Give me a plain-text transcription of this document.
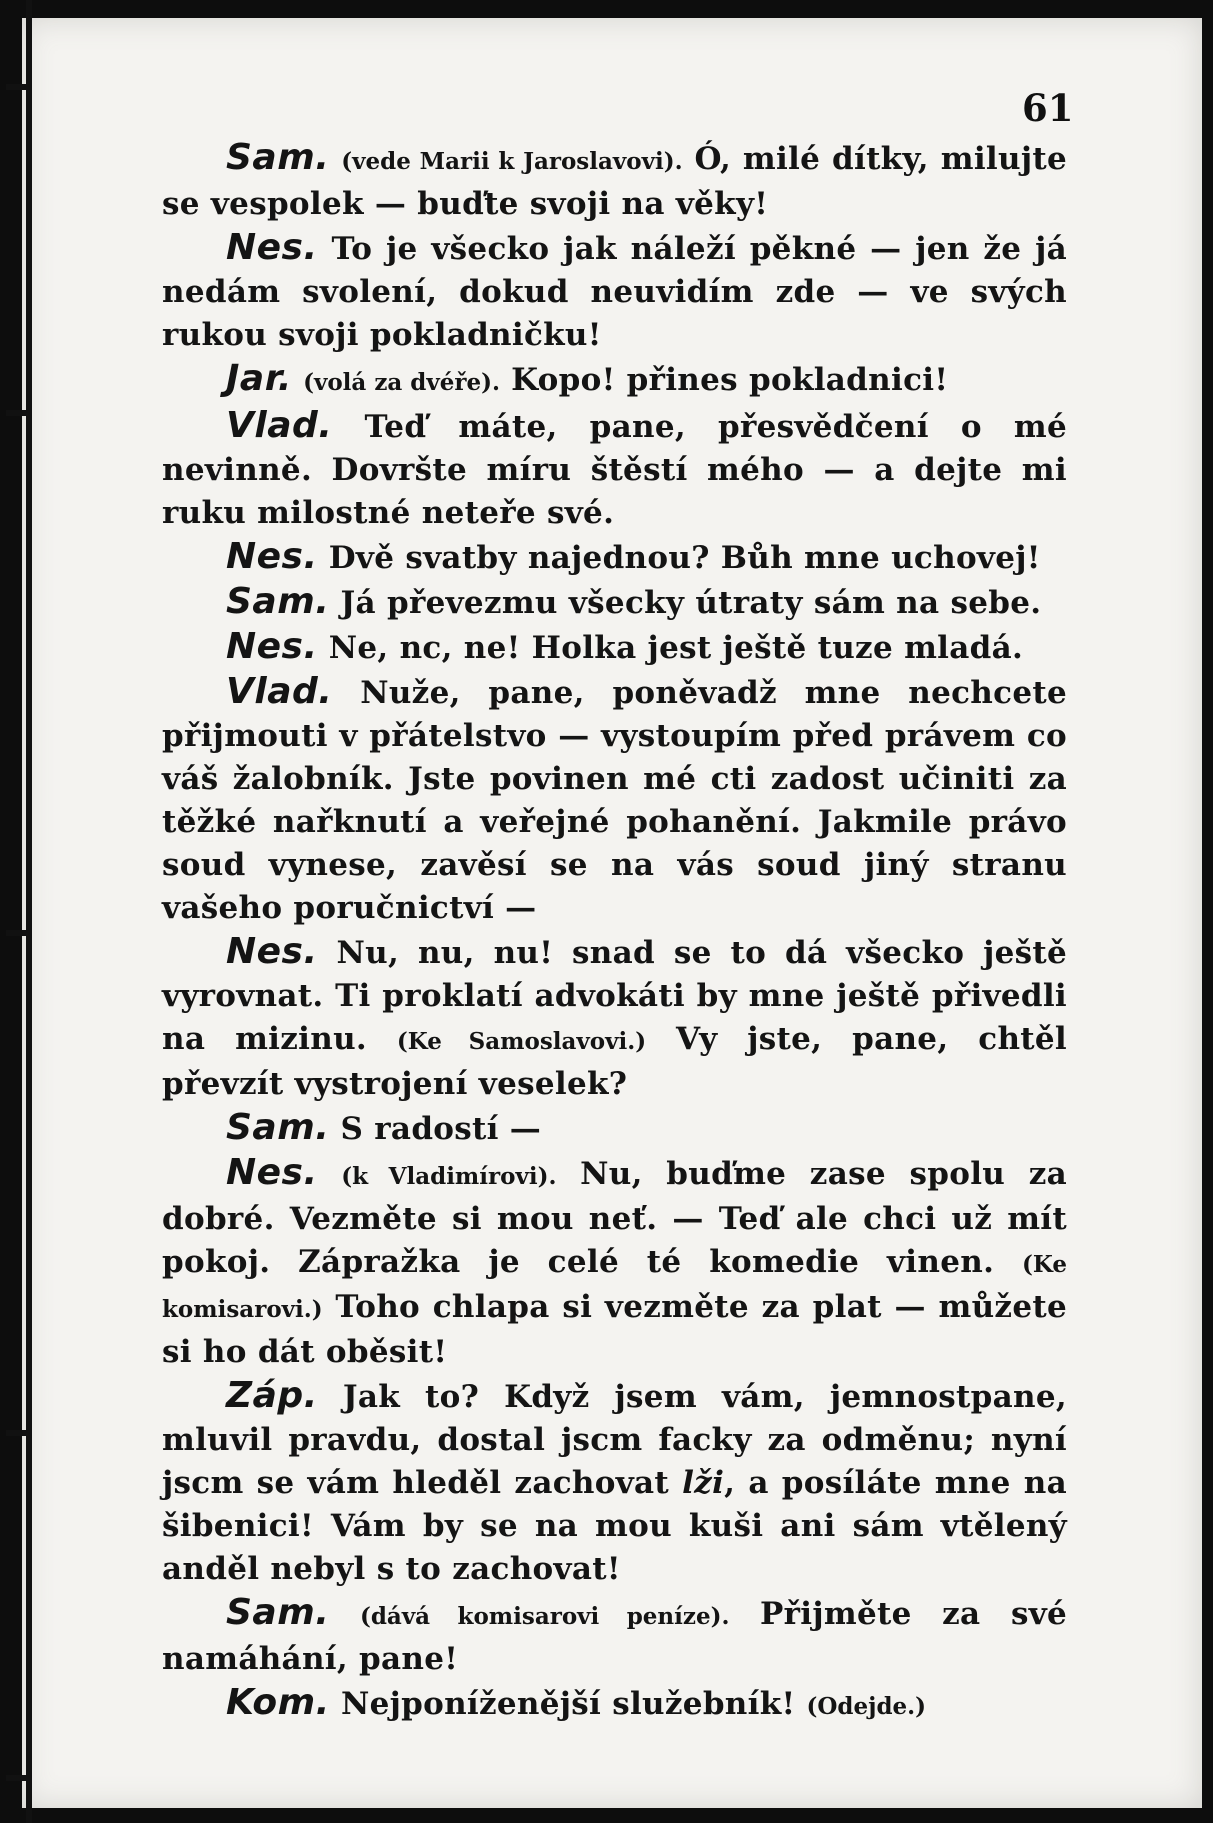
61

Sam. (vede Marii k Jaroslavovi). Ó, milé dítky, milujte se vespolek — buďte svoji na věky!

Nes. To je všecko jak náleží pěkné — jen že já nedám svolení, dokud neuvidím zde — ve svých rukou svoji pokladničku!

Jar. (volá za dvéře). Kopo! přines pokladnici!

Vlad. Teď máte, pane, přesvědčení o mé nevinně. Dovršte míru štěstí mého — a dejte mi ruku milostné neteře své.

Nes. Dvě svatby najednou? Bůh mne uchovej!

Sam. Já převezmu všecky útraty sám na sebe.

Nes. Ne, nc, ne! Holka jest ještě tuze mladá.

Vlad. Nuže, pane, poněvadž mne nechcete přijmouti v přátelstvo — vystoupím před právem co váš žalobník. Jste povinen mé cti zadost učiniti za těžké nařknutí a veřejné pohanění. Jakmile právo soud vynese, zavěsí se na vás soud jiný stranu vašeho poručnictví —

Nes. Nu, nu, nu! snad se to dá všecko ještě vyrovnat. Ti proklatí advokáti by mne ještě přivedli na mizinu. (Ke Samoslavovi.) Vy jste, pane, chtěl převzít vystrojení veselek?

Sam. S radostí —

Nes. (k Vladimírovi). Nu, buďme zase spolu za dobré. Vezměte si mou neť. — Teď ale chci už mít pokoj. Zápražka je celé té komedie vinen. (Ke komisarovi.) Toho chlapa si vezměte za plat — můžete si ho dát oběsit!

Záp. Jak to? Když jsem vám, jemnostpane, mluvil pravdu, dostal jscm facky za odměnu; nyní jscm se vám hleděl zachovat lži, a posíláte mne na šibenici! Vám by se na mou kuši ani sám vtělený anděl nebyl s to zachovat!

Sam. (dává komisarovi peníze). Přijměte za své namáhání, pane!

Kom. Nejponíženější služebník! (Odejde.)
